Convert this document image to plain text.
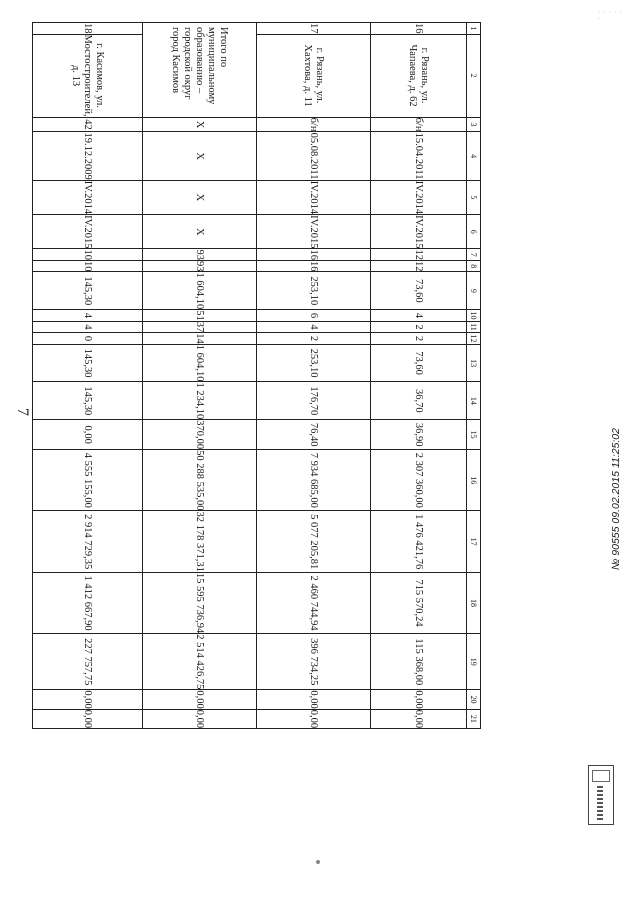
7
· · · · · ·
1	2	3	4	5	6	7	8	9	10	11	12	13	14	15	16	17	18	19	20	21
16	г. Рязань, ул. Чапаева, д. 62	б/н	15.04.2011	IV.2014	IV.2015	12	12	73,60	4	2	2	73,60	36,70	36,90	2 307 360,00	1 476 421,76	715 570,24	115 368,00	0,00	0,00
17	г. Рязань, ул. Хахтова, д. 11	б/н	05.08.2011	IV.2014	IV.2015	16	16	253,10	6	4	2	253,10	176,70	76,40	7 934 685,00	5 077 205,81	2 460 744,94	396 734,25	0,00	0,00
Итого по муниципальному образованию – городской округ город Касимов		X	X	X	X	93	93	1 604,10	51	37	14	1 604,10	1 234,10	370,00	50 288 535,00	32 178 371,31	15 595 736,94	2 514 426,75	0,00	0,00
18	г. Касимов, ул. Мостостроителей, д. 13	42	19.12.2009	IV.2014	IV.2015	10	10	145,30	4	4	0	145,30	145,30	0,00	4 555 155,00	2 914 729,35	1 412 667,90	227 757,75	0,00	0,00
№ 90555 09.02.2015 11:25:02
